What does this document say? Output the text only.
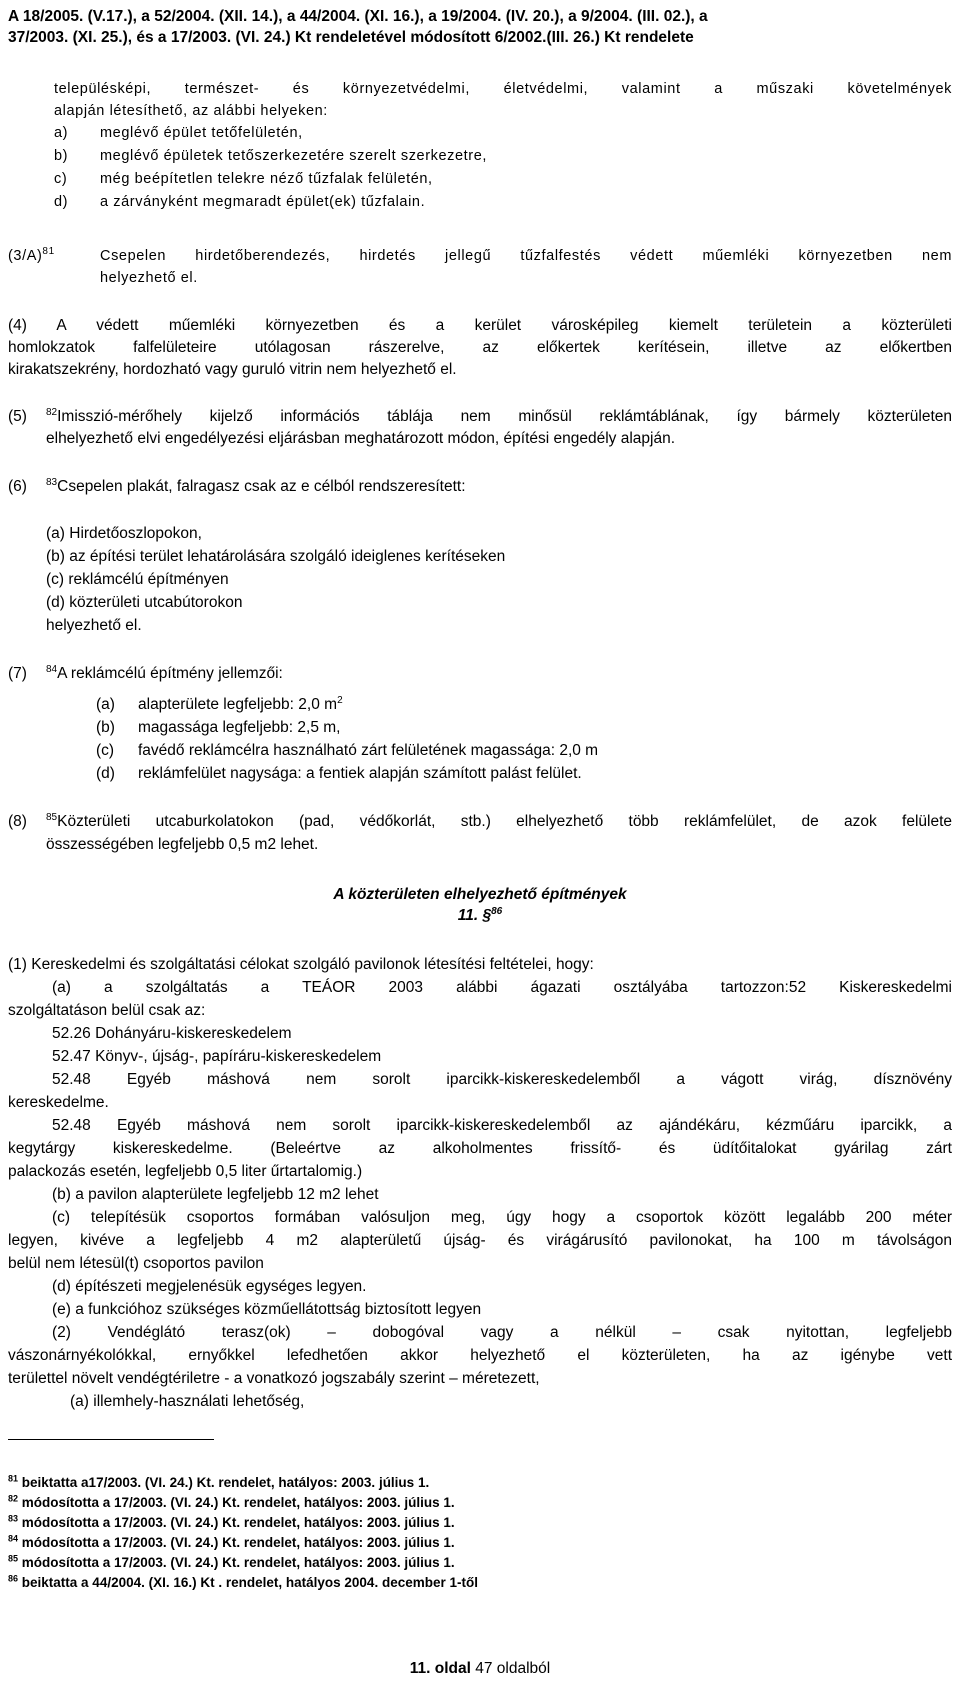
A 18/2005. (V.17.), a 52/2004. (XII. 14.), a 44/2004. (XI. 16.), a 19/2004. (IV. 20.), a 9/2004. (III. 02.), a
37/2003. (XI. 25.), és a 17/2003. (VI. 24.) Kt rendeletével módosított 6/2002.(III. 26.) Kt rendelete
településképi, természet- és környezetvédelmi, életvédelmi, valamint a műszaki követelmények
alapján létesíthető, az alábbi helyeken:
a) meglévő épület tetőfelületén,
b) meglévő épületek tetőszerkezetére szerelt szerkezetre,
c) még beépítetlen telekre néző tűzfalak felületén,
d) a zárványként megmaradt épület(ek) tűzfalain.
$(3/A)^{81}$	Csepelen hirdetőberendezés, hirdetés jellegű tűzfalfestés védett műemléki környezetben nem
helyezhető el.
(4) A védett műemléki környezetben és a kerület városképileg kiemelt területein a közterületi
homlokzatok falfelületeire utólagosan rászerelve, az előkertek kerítésein, illetve az előkertben
kirakatszekrény, hordozható vagy guruló vitrin nem helyezhető el.
(5) $^{82}$Imisszió-mérőhely kijelző információs táblája nem minősül reklámtáblának, így bármely közterületen
elhelyezhető elvi engedélyezési eljárásban meghatározott módon, építési engedély alapján.
(6) $^{83}$Csepelen plakát, falragasz csak az e célból rendszeresített:
(a) Hirdetőoszlopokon,
(b) az építési terület lehatárolására szolgáló ideiglenes kerítéseken
(c) reklámcélú építményen
(d) közterületi utcabútorokon
helyezhető el.
(7) $^{84}$A reklámcélú építmény jellemzői:
(a) alapterülete legfeljebb: 2,0 $m^2$
(b) magassága legfeljebb: 2,5 m,
(c) favédő reklámcélra használható zárt felületének magassága: 2,0 m
(d) reklámfelület nagysága: a fentiek alapján számított palást felület.
(8) $^{85}$Közterületi utcaburkolatokon (pad, védőkorlát, stb.) elhelyezhető több reklámfelület, de azok felülete
összességében legfeljebb 0,5 m2 lehet.
A közterületen elhelyezhető építmények
11. §$^{86}$
(1) Kereskedelmi és szolgáltatási célokat szolgáló pavilonok létesítési feltételei, hogy:
(a) a szolgáltatás a TEÁOR 2003 alábbi ágazati osztályába tartozzon:52 Kiskereskedelmi
szolgáltatáson belül csak az:
52.26 Dohányáru-kiskereskedelem
52.47 Könyv-, újság-, papíráru-kiskereskedelem
52.48 Egyéb máshová nem sorolt iparcikk-kiskereskedelemből a vágott virág, dísznövény
kereskedelme.
52.48 Egyéb máshová nem sorolt iparcikk-kiskereskedelemből az ajándékáru, kézműáru iparcikk, a
kegytárgy kiskereskedelme. (Beleértve az alkoholmentes frissítő- és üdítőitalokat gyárilag zárt
palackozás esetén, legfeljebb 0,5 liter űrtartalomig.)
(b) a pavilon alapterülete legfeljebb 12 m2 lehet
(c) telepítésük csoportos formában valósuljon meg, úgy hogy a csoportok között legalább 200 méter
legyen, kivéve a legfeljebb 4 m2 alapterületű újság- és virágárusító pavilonokat, ha 100 m távolságon
belül nem létesül(t) csoportos pavilon
(d) építészeti megjelenésük egységes legyen.
(e) a funkcióhoz szükséges közműellátottság biztosított legyen
(2) Vendéglátó terasz(ok) – dobogóval vagy a nélkül – csak nyitottan, legfeljebb
vászonárnyékolókkal, ernyőkkel lefedhetően akkor helyezhető el közterületen, ha az igénybe vett
területtel növelt vendégtériletre - a vonatkozó jogszabály szerint – méretezett,
(a) illemhely-használati lehetőség,
$^{81}$ beiktatta a17/2003. (VI. 24.) Kt. rendelet, hatályos: 2003. július 1.
$^{82}$ módosította a 17/2003. (VI. 24.) Kt. rendelet, hatályos: 2003. július 1.
$^{83}$ módosította a 17/2003. (VI. 24.) Kt. rendelet, hatályos: 2003. július 1.
$^{84}$ módosította a 17/2003. (VI. 24.) Kt. rendelet, hatályos: 2003. július 1.
$^{85}$ módosította a 17/2003. (VI. 24.) Kt. rendelet, hatályos: 2003. július 1.
$^{86}$ beiktatta a 44/2004. (XI. 16.) Kt . rendelet, hatályos 2004. december 1-től
11. oldal 47 oldalból
